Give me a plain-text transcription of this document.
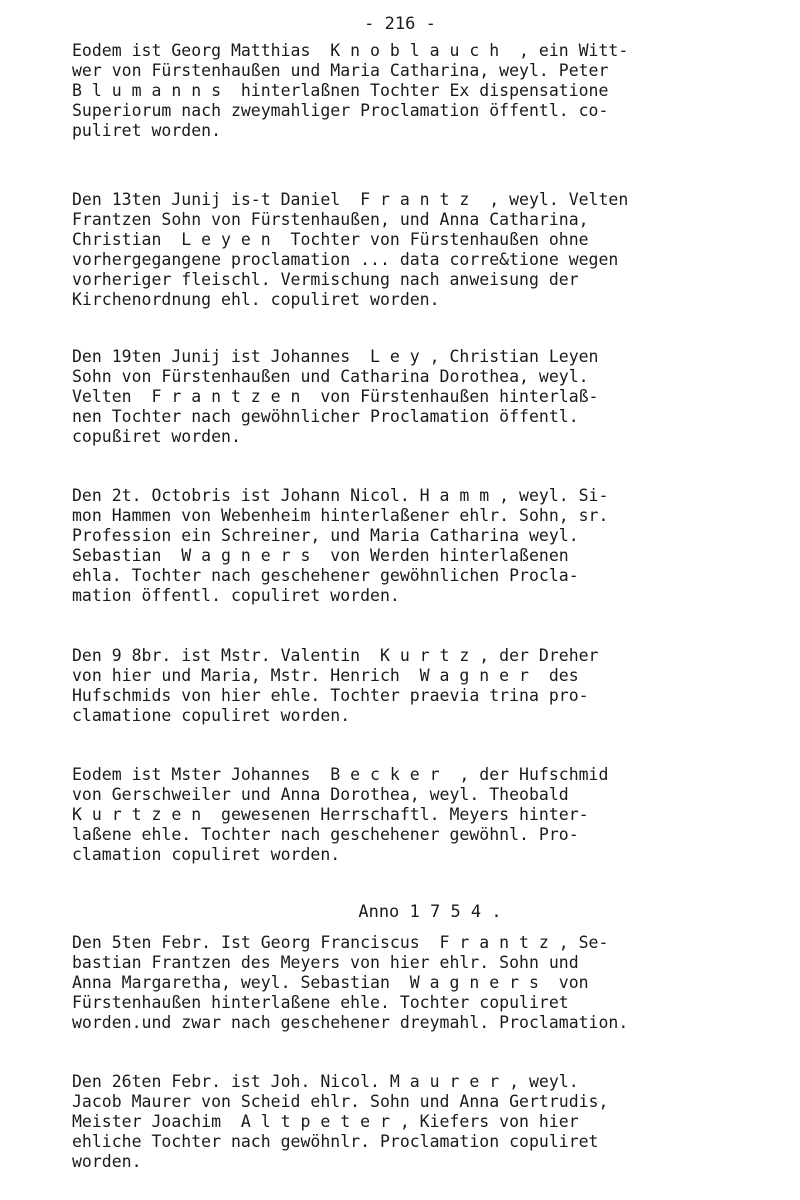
- 216 -
Eodem ist Georg Matthias  K n o b l a u c h  , ein Witt-
wer von Fürstenhaußen und Maria Catharina, weyl. Peter
B l u m a n n s  hinterlaßnen Tochter Ex dispensatione
Superiorum nach zweymahliger Proclamation öffentl. co-
puliret worden.
Den 13ten Junij is-t Daniel  F r a n t z  , weyl. Velten
Frantzen Sohn von Fürstenhaußen, und Anna Catharina,
Christian  L e y e n  Tochter von Fürstenhaußen ohne
vorhergegangene proclamation ... data corre&tione wegen
vorheriger fleischl. Vermischung nach anweisung der
Kirchenordnung ehl. copuliret worden.
Den 19ten Junij ist Johannes  L e y , Christian Leyen
Sohn von Fürstenhaußen und Catharina Dorothea, weyl.
Velten  F r a n t z e n  von Fürstenhaußen hinterlaß-
nen Tochter nach gewöhnlicher Proclamation öffentl.
copußiret worden.
Den 2t. Octobris ist Johann Nicol. H a m m , weyl. Si-
mon Hammen von Webenheim hinterlaßener ehlr. Sohn, sr.
Profession ein Schreiner, und Maria Catharina weyl.
Sebastian  W a g n e r s  von Werden hinterlaßenen
ehla. Tochter nach geschehener gewöhnlichen Procla-
mation öffentl. copuliret worden.
Den 9 8br. ist Mstr. Valentin  K u r t z , der Dreher
von hier und Maria, Mstr. Henrich  W a g n e r  des
Hufschmids von hier ehle. Tochter praevia trina pro-
clamatione copuliret worden.
Eodem ist Mster Johannes  B e c k e r  , der Hufschmid
von Gerschweiler und Anna Dorothea, weyl. Theobald
K u r t z e n  gewesenen Herrschaftl. Meyers hinter-
laßene ehle. Tochter nach geschehener gewöhnl. Pro-
clamation copuliret worden.
Anno 1 7 5 4 .
Den 5ten Febr. Ist Georg Franciscus  F r a n t z , Se-
bastian Frantzen des Meyers von hier ehlr. Sohn und
Anna Margaretha, weyl. Sebastian  W a g n e r s  von
Fürstenhaußen hinterlaßene ehle. Tochter copuliret
worden.und zwar nach geschehener dreymahl. Proclamation.
Den 26ten Febr. ist Joh. Nicol. M a u r e r , weyl.
Jacob Maurer von Scheid ehlr. Sohn und Anna Gertrudis,
Meister Joachim  A l t p e t e r , Kiefers von hier
ehliche Tochter nach gewöhnlr. Proclamation copuliret
worden.
